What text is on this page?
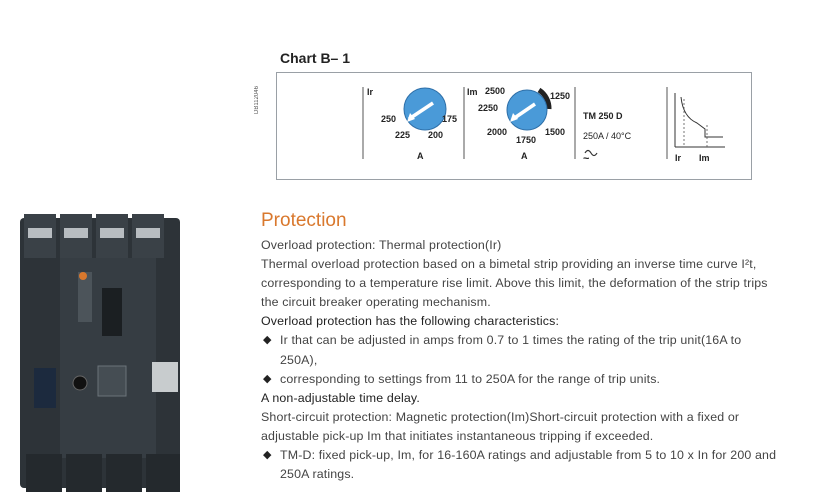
Chart B– 1
DB112046	Ir
250
225 200
175
A
Im 2500
2250
2000
1750
1500
1250
A
TM 250 D
250A / 40°C
Ir Im
Protection

Overload protection: Thermal protection(Ir)

Thermal overload protection based on a bimetal strip providing an inverse time curve I²t, corresponding to a temperature rise limit. Above this limit, the deformation of the strip trips the circuit breaker operating mechanism.

Overload protection has the following characteristics:

◆ Ir that can be adjusted in amps from 0.7 to 1 times the rating of the trip unit(16A to 250A),

◆ corresponding to settings from 11 to 250A for the range of trip units.

A non-adjustable time delay.

Short-circuit protection: Magnetic protection(Im)Short-circuit protection with a fixed or adjustable pick-up Im that initiates instantaneous tripping if exceeded.

◆ TM-D: fixed pick-up, Im, for 16-160A ratings and adjustable from 5 to 10 x In for 200 and 250A ratings.

~
